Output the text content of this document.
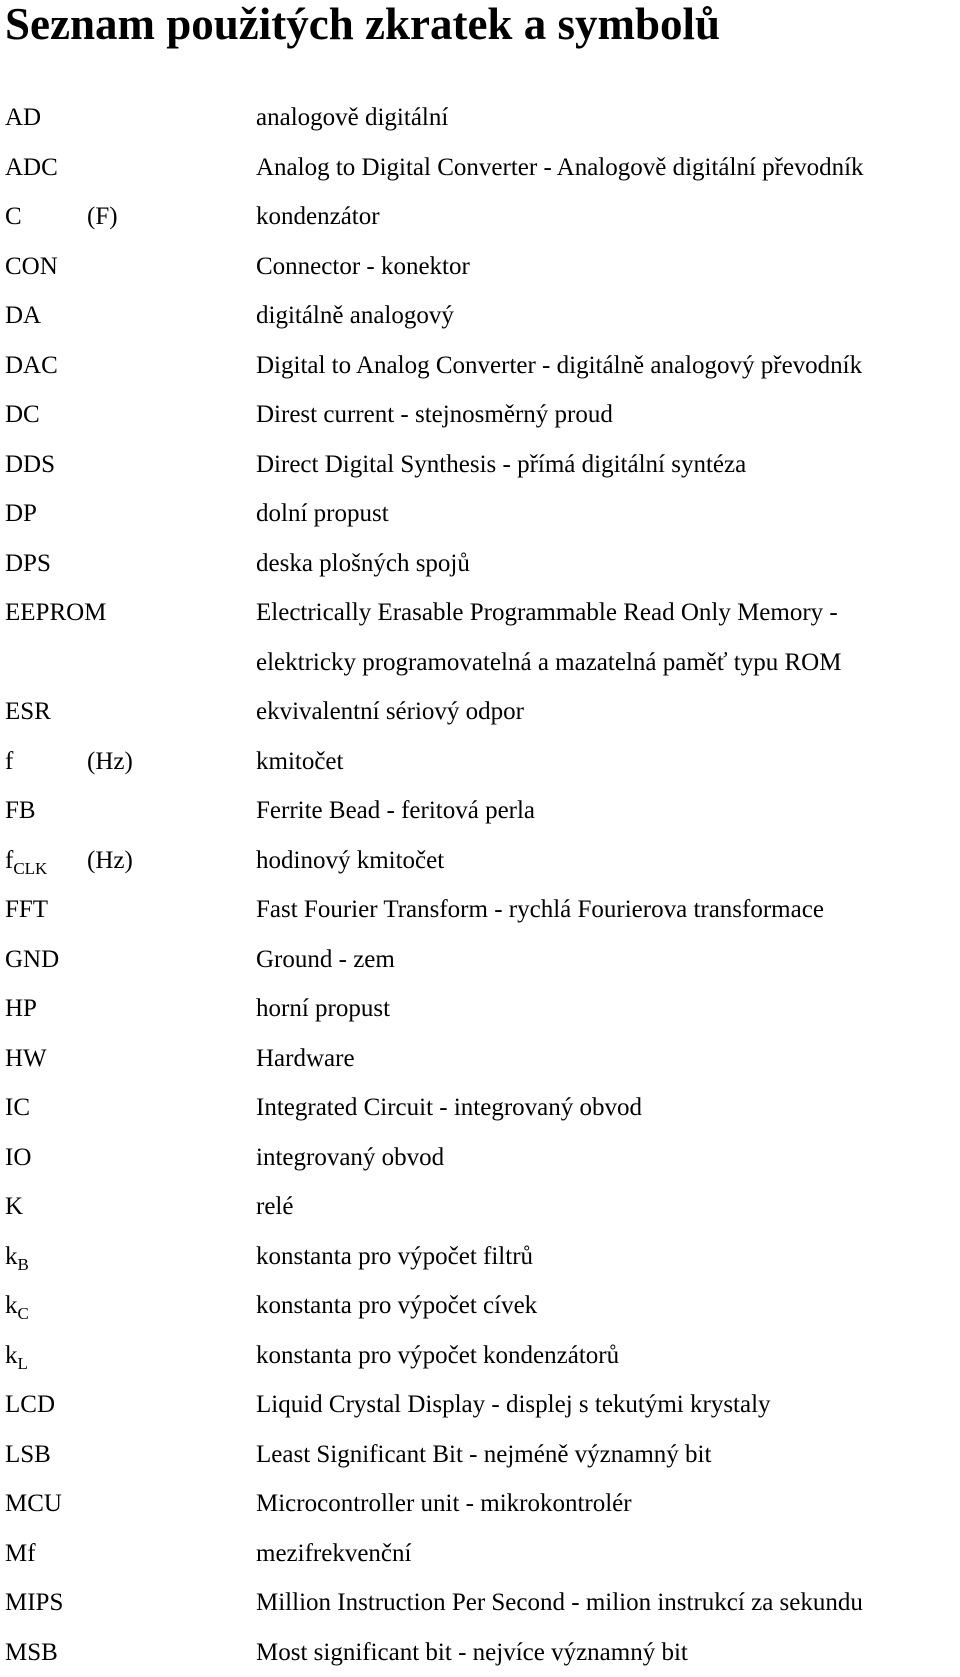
Seznam použitých zkratek a symbolů
AD	analogově digitální
ADC	Analog to Digital Converter - Analogově digitální převodník
C	(F)	kondenzátor
CON	Connector - konektor
DA	digitálně analogový
DAC	Digital to Analog Converter - digitálně analogový převodník
DC	Direst current - stejnosměrný proud
DDS	Direct Digital Synthesis - přímá digitální syntéza
DP	dolní propust
DPS	deska plošných spojů
EEPROM	Electrically Erasable Programmable Read Only Memory -
elektricky programovatelná a mazatelná paměť typu ROM
ESR	ekvivalentní sériový odpor
f	(Hz)	kmitočet
FB	Ferrite Bead - feritová perla
$f_{CLK}$ (Hz)	hodinový kmitočet
FFT	Fast Fourier Transform - rychlá Fourierova transformace
GND	Ground - zem
HP	horní propust
HW	Hardware
IC	Integrated Circuit - integrovaný obvod
IO	integrovaný obvod
K	relé
$k_B$	konstanta pro výpočet filtrů
$k_C$	konstanta pro výpočet cívek
$k_L$	konstanta pro výpočet kondenzátorů
LCD	Liquid Crystal Display - displej s tekutými krystaly
LSB	Least Significant Bit - nejméně významný bit
MCU	Microcontroller unit - mikrokontrolér
Mf	mezifrekvenční
MIPS	Million Instruction Per Second - milion instrukcí za sekundu
MSB	Most significant bit - nejvíce významný bit
